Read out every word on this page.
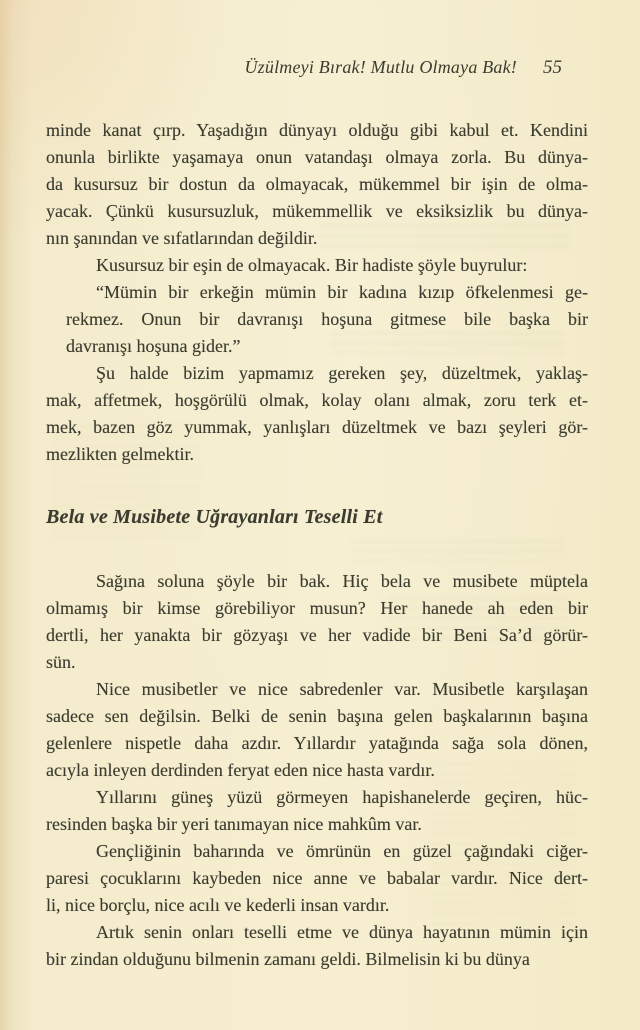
Üzülmeyi Bırak! Mutlu Olmaya Bak! 55
minde kanat çırp. Yaşadığın dünyayı olduğu gibi kabul et. Kendini
onunla birlikte yaşamaya onun vatandaşı olmaya zorla. Bu dünya-
da kusursuz bir dostun da olmayacak, mükemmel bir işin de olma-
yacak. Çünkü kusursuzluk, mükemmellik ve eksiksizlik bu dünya-
nın şanından ve sıfatlarından değildir.
Kusursuz bir eşin de olmayacak. Bir hadiste şöyle buyrulur:
“Mümin bir erkeğin mümin bir kadına kızıp öfkelenmesi ge-
rekmez. Onun bir davranışı hoşuna gitmese bile başka bir
davranışı hoşuna gider.”
Şu halde bizim yapmamız gereken şey, düzeltmek, yaklaş-
mak, affetmek, hoşgörülü olmak, kolay olanı almak, zoru terk et-
mek, bazen göz yummak, yanlışları düzeltmek ve bazı şeyleri gör-
mezlikten gelmektir.
Bela ve Musibete Uğrayanları Teselli Et
Sağına soluna şöyle bir bak. Hiç bela ve musibete müptela
olmamış bir kimse görebiliyor musun? Her hanede ah eden bir
dertli, her yanakta bir gözyaşı ve her vadide bir Beni Sa’d görür-
sün.
Nice musibetler ve nice sabredenler var. Musibetle karşılaşan
sadece sen değilsin. Belki de senin başına gelen başkalarının başına
gelenlere nispetle daha azdır. Yıllardır yatağında sağa sola dönen,
acıyla inleyen derdinden feryat eden nice hasta vardır.
Yıllarını güneş yüzü görmeyen hapishanelerde geçiren, hüc-
resinden başka bir yeri tanımayan nice mahkûm var.
Gençliğinin baharında ve ömrünün en güzel çağındaki ciğer-
paresi çocuklarını kaybeden nice anne ve babalar vardır. Nice dert-
li, nice borçlu, nice acılı ve kederli insan vardır.
Artık senin onları teselli etme ve dünya hayatının mümin için
bir zindan olduğunu bilmenin zamanı geldi. Bilmelisin ki bu dünya
